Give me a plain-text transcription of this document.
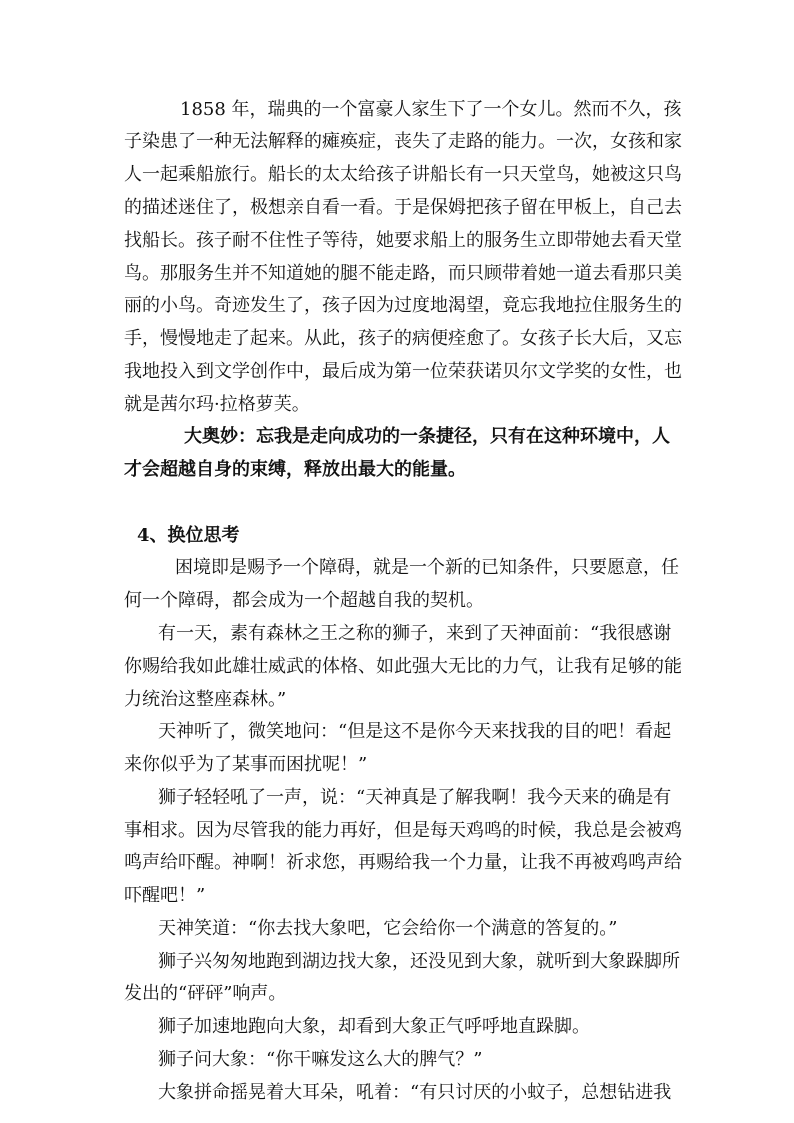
1858 年，瑞典的一个富豪人家生下了一个女儿。然而不久，孩
子染患了一种无法解释的瘫痪症，丧失了走路的能力。一次，女孩和家
人一起乘船旅行。船长的太太给孩子讲船长有一只天堂鸟，她被这只鸟
的描述迷住了，极想亲自看一看。于是保姆把孩子留在甲板上，自己去
找船长。孩子耐不住性子等待，她要求船上的服务生立即带她去看天堂
鸟。那服务生并不知道她的腿不能走路，而只顾带着她一道去看那只美
丽的小鸟。奇迹发生了，孩子因为过度地渴望，竟忘我地拉住服务生的
手，慢慢地走了起来。从此，孩子的病便痊愈了。女孩子长大后，又忘
我地投入到文学创作中，最后成为第一位荣获诺贝尔文学奖的女性，也
就是茜尔玛·拉格萝芙。
大奥妙：忘我是走向成功的一条捷径，只有在这种环境中，人
才会超越自身的束缚，释放出最大的能量。
4、换位思考
困境即是赐予一个障碍，就是一个新的已知条件，只要愿意，任
何一个障碍，都会成为一个超越自我的契机。
有一天，素有森林之王之称的狮子，来到了天神面前：“我很感谢
你赐给我如此雄壮威武的体格、如此强大无比的力气，让我有足够的能
力统治这整座森林。”
天神听了，微笑地问：“但是这不是你今天来找我的目的吧！看起
来你似乎为了某事而困扰呢！”
狮子轻轻吼了一声，说：“天神真是了解我啊！我今天来的确是有
事相求。因为尽管我的能力再好，但是每天鸡鸣的时候，我总是会被鸡
鸣声给吓醒。神啊！祈求您，再赐给我一个力量，让我不再被鸡鸣声给
吓醒吧！”
天神笑道：“你去找大象吧，它会给你一个满意的答复的。”
狮子兴匆匆地跑到湖边找大象，还没见到大象，就听到大象跺脚所
发出的“砰砰”响声。
狮子加速地跑向大象，却看到大象正气呼呼地直跺脚。
狮子问大象：“你干嘛发这么大的脾气？”
大象拼命摇晃着大耳朵，吼着：“有只讨厌的小蚊子，总想钻进我
